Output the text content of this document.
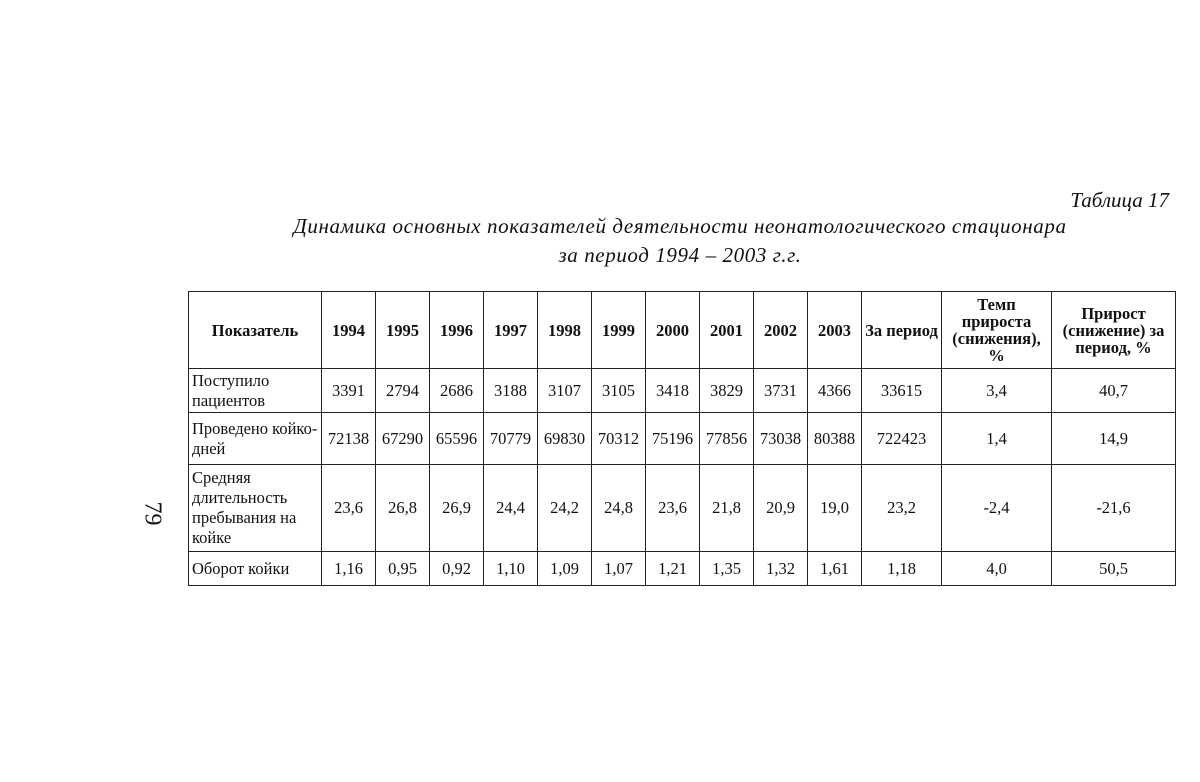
Таблица 17
Динамика основных показателей деятельности неонатологического стационара
за период 1994 – 2003 г.г.
79
Показатель	1994	1995	1996	1997	1998	1999	2000	2001	2002	2003	За период	Темп прироста (снижения), %	Прирост (снижение) за период, %
Поступило пациентов	3391	2794	2686	3188	3107	3105	3418	3829	3731	4366	33615	3,4	40,7
Проведено койко-дней	72138	67290	65596	70779	69830	70312	75196	77856	73038	80388	722423	1,4	14,9
Средняя длительность пребывания на койке	23,6	26,8	26,9	24,4	24,2	24,8	23,6	21,8	20,9	19,0	23,2	-2,4	-21,6
Оборот койки	1,16	0,95	0,92	1,10	1,09	1,07	1,21	1,35	1,32	1,61	1,18	4,0	50,5
